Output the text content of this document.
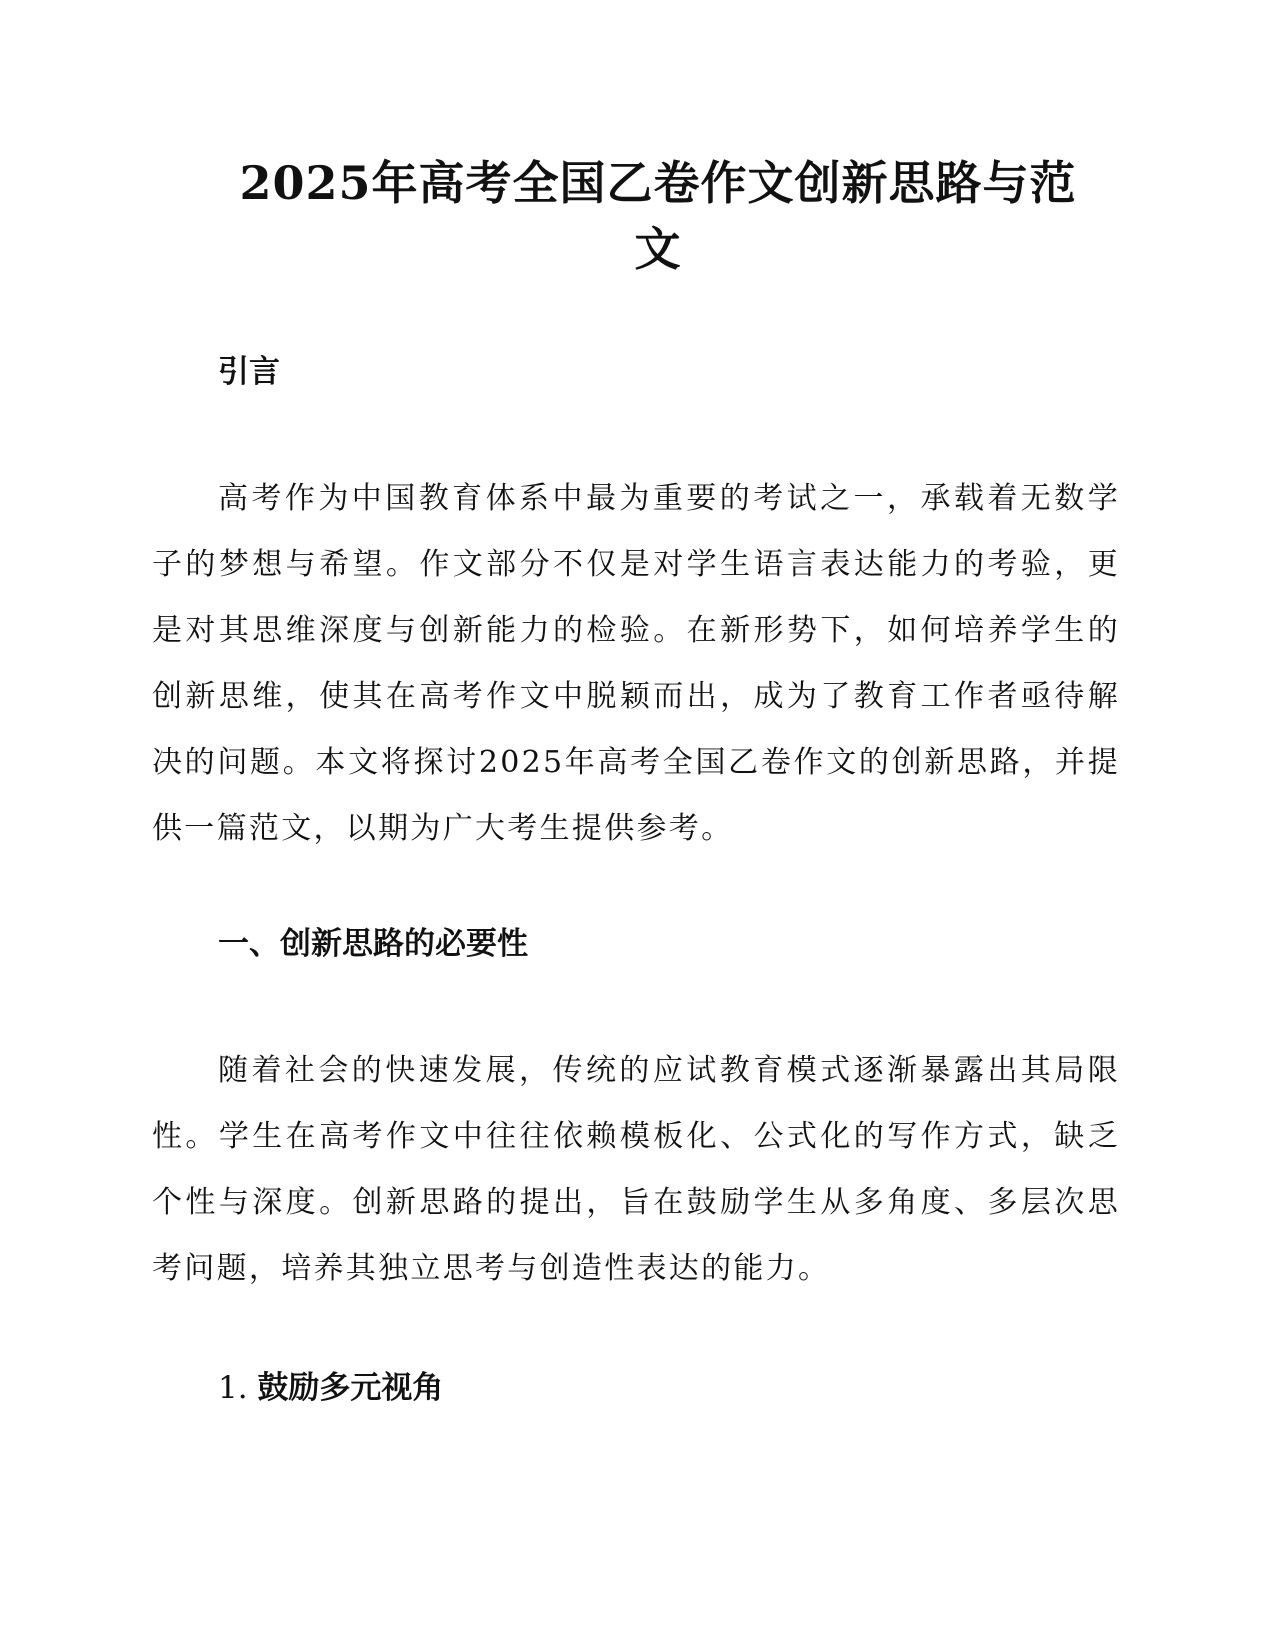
2025年高考全国乙卷作文创新思路与范文
引言

高考作为中国教育体系中最为重要的考试之一，承载着无数学子的梦想与希望。作文部分不仅是对学生语言表达能力的考验，更是对其思维深度与创新能力的检验。在新形势下，如何培养学生的创新思维，使其在高考作文中脱颖而出，成为了教育工作者亟待解决的问题。本文将探讨2025年高考全国乙卷作文的创新思路，并提供一篇范文，以期为广大考生提供参考。

一、创新思路的必要性

随着社会的快速发展，传统的应试教育模式逐渐暴露出其局限性。学生在高考作文中往往依赖模板化、公式化的写作方式，缺乏个性与深度。创新思路的提出，旨在鼓励学生从多角度、多层次思考问题，培养其独立思考与创造性表达的能力。

1. 鼓励多元视角
